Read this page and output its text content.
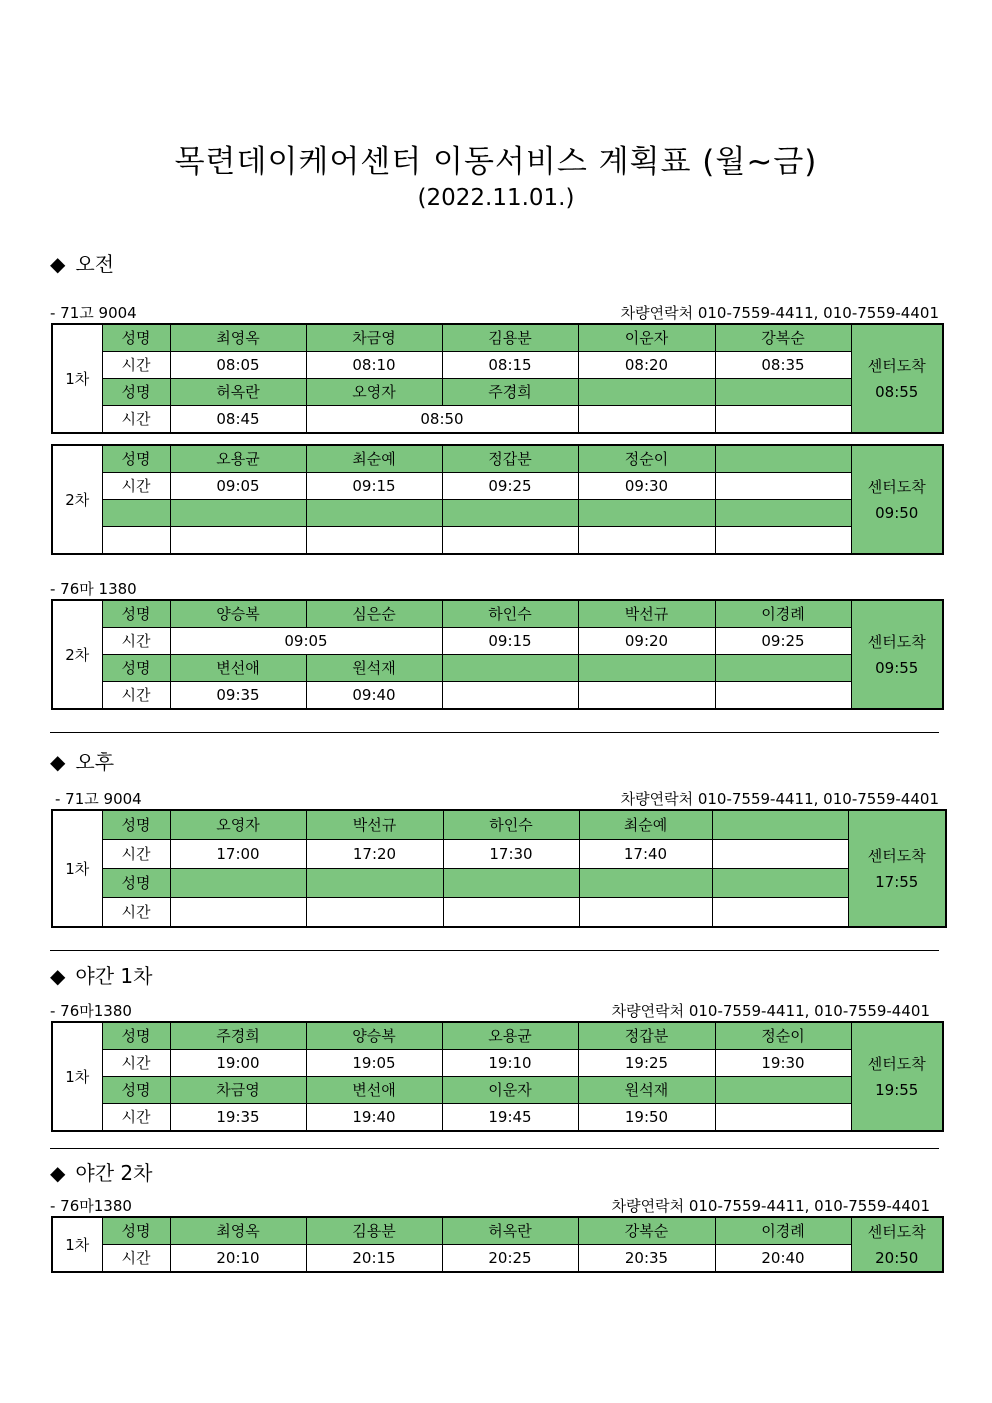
목련데이케어센터 이동서비스 계획표 (월~금)
(2022.11.01.)
◆ 오전
- 71고 9004	차량연락처 010-7559-4411, 010-7559-4401
1차	성명	최영옥	차금영	김용분	이운자	강복순	센터도착
08:55
	시간	08:05	08:10	08:15	08:20	08:35	
	성명	허옥란	오영자	주경희			
	시간	08:45	08:50				
2차	성명	오용균	최순예	정갑분	정순이		센터도착
09:50
	시간	09:05	09:15	09:25	09:30		

- 76마 1380
2차	성명	양승복	심은순	하인수	박선규	이경례	센터도착
09:55
	시간	09:05		09:15	09:20	09:25	
	성명	변선애	원석재				
	시간	09:35	09:40				
◆ 오후
- 71고 9004	차량연락처 010-7559-4411, 010-7559-4401
1차	성명	오영자	박선규	하인수	최순예		센터도착
17:55
	시간	17:00	17:20	17:30	17:40		
	성명						
	시간						
◆ 야간 1차
- 76마1380	차량연락처 010-7559-4411, 010-7559-4401
1차	성명	주경희	양승복	오용균	정갑분	정순이	센터도착
19:55
	시간	19:00	19:05	19:10	19:25	19:30	
	성명	차금영	변선애	이운자	원석재		
	시간	19:35	19:40	19:45	19:50		
◆ 야간 2차
- 76마1380	차량연락처 010-7559-4411, 010-7559-4401
1차	성명	최영옥	김용분	허옥란	강복순	이경례	센터도착
20:50
	시간	20:10	20:15	20:25	20:35	20:40	
